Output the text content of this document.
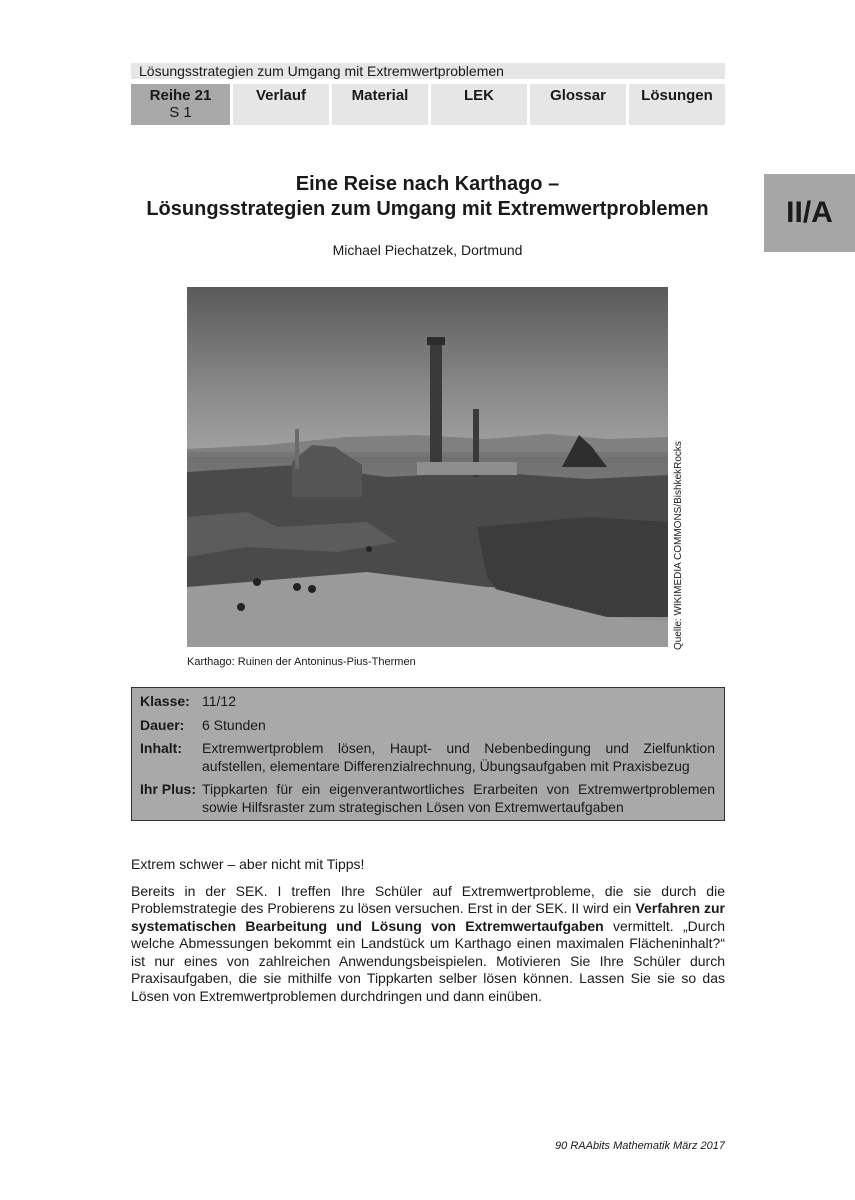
Lösungsstrategien zum Umgang mit Extremwertproblemen
Reihe 21
S 1
Verlauf	Material	LEK	Glossar	Lösungen
II/A
Eine Reise nach Karthago –
Lösungsstrategien zum Umgang mit Extremwertproblemen
Michael Piechatzek, Dortmund
Quelle: WIKIMEDIA COMMONS/BishkekRocks
Karthago: Ruinen der Antoninus-Pius-Thermen
Klasse: 11/12
Dauer:	6 Stunden
Inhalt:	Extremwertproblem lösen, Haupt- und Nebenbedingung und Zielfunktion aufstellen, elementare Differenzialrechnung, Übungsaufgaben mit Praxisbezug
Ihr Plus: Tippkarten für ein eigenverantwortliches Erarbeiten von Extremwertproblemen sowie Hilfsraster zum strategischen Lösen von Extremwertaufgaben

Extrem schwer – aber nicht mit Tipps!

Bereits in der SEK. I treffen Ihre Schüler auf Extremwertprobleme, die sie durch die Problemstrategie des Probierens zu lösen versuchen. Erst in der SEK. II wird ein Verfahren zur systematischen Bearbeitung und Lösung von Extremwertaufgaben vermittelt. „Durch welche Abmessungen bekommt ein Landstück um Karthago einen maximalen Flächeninhalt?“ ist nur eines von zahlreichen Anwendungsbeispielen. Motivieren Sie Ihre Schüler durch Praxisaufgaben, die sie mithilfe von Tippkarten selber lösen können. Lassen Sie sie so das Lösen von Extremwertproblemen durchdringen und dann einüben.

90 RAAbits Mathematik März 2017
